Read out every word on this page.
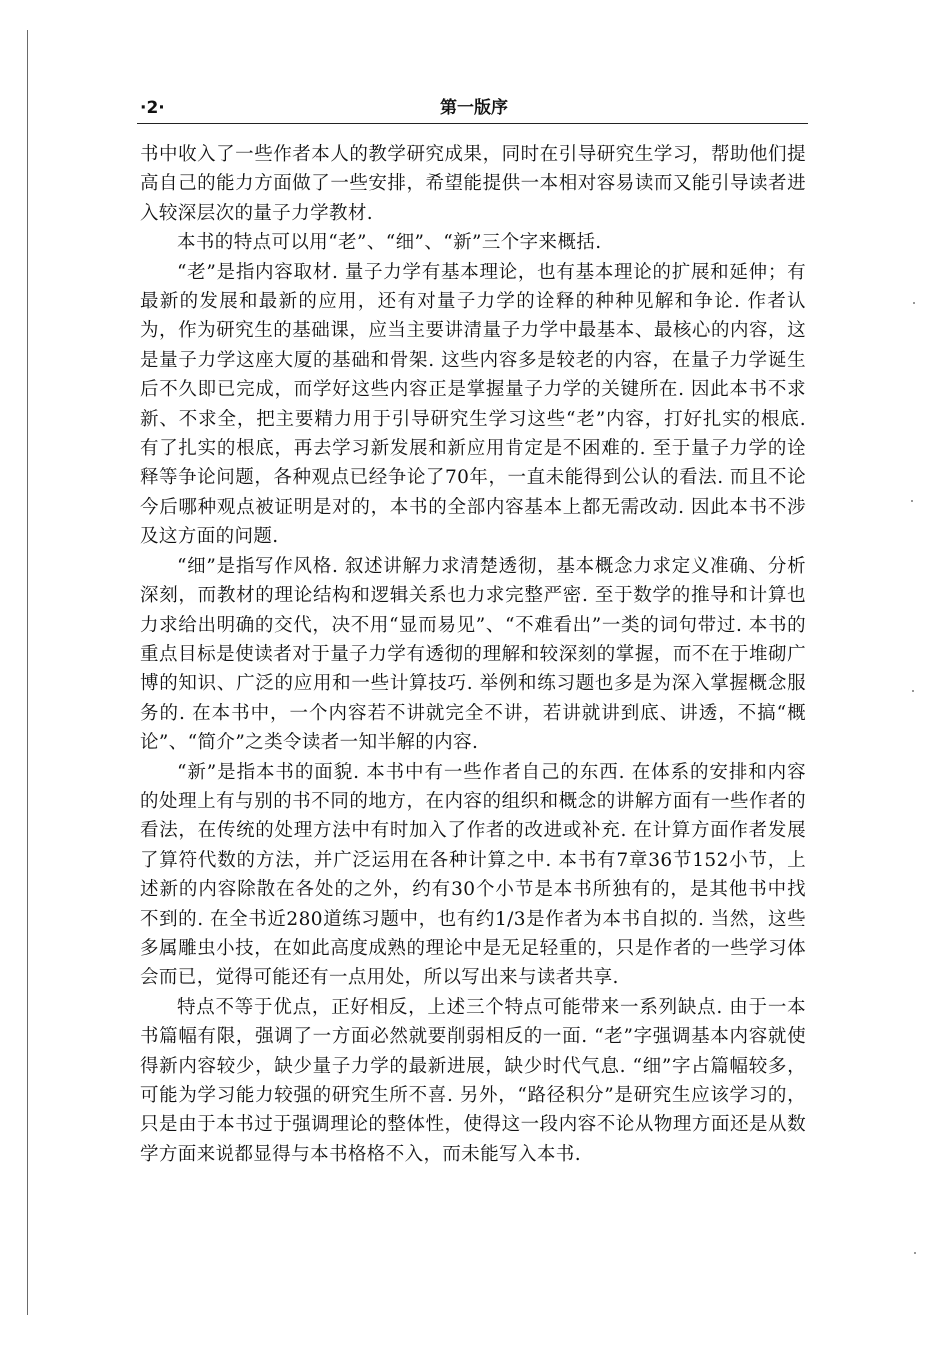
·2·	第一版序

书中收入了一些作者本人的教学研究成果，同时在引导研究生学习，帮助他们提高自己的能力方面做了一些安排，希望能提供一本相对容易读而又能引导读者进入较深层次的量子力学教材.

本书的特点可以用“老”、“细”、“新”三个字来概括.

“老”是指内容取材. 量子力学有基本理论，也有基本理论的扩展和延伸；有最新的发展和最新的应用，还有对量子力学的诠释的种种见解和争论. 作者认为，作为研究生的基础课，应当主要讲清量子力学中最基本、最核心的内容，这是量子力学这座大厦的基础和骨架. 这些内容多是较老的内容，在量子力学诞生后不久即已完成，而学好这些内容正是掌握量子力学的关键所在. 因此本书不求新、不求全，把主要精力用于引导研究生学习这些“老”内容，打好扎实的根底. 有了扎实的根底，再去学习新发展和新应用肯定是不困难的. 至于量子力学的诠释等争论问题，各种观点已经争论了70年，一直未能得到公认的看法. 而且不论今后哪种观点被证明是对的，本书的全部内容基本上都无需改动. 因此本书不涉及这方面的问题.

“细”是指写作风格. 叙述讲解力求清楚透彻，基本概念力求定义准确、分析深刻，而教材的理论结构和逻辑关系也力求完整严密. 至于数学的推导和计算也力求给出明确的交代，决不用“显而易见”、“不难看出”一类的词句带过. 本书的重点目标是使读者对于量子力学有透彻的理解和较深刻的掌握，而不在于堆砌广博的知识、广泛的应用和一些计算技巧. 举例和练习题也多是为深入掌握概念服务的. 在本书中，一个内容若不讲就完全不讲，若讲就讲到底、讲透，不搞“概论”、“简介”之类令读者一知半解的内容.

“新”是指本书的面貌. 本书中有一些作者自己的东西. 在体系的安排和内容的处理上有与别的书不同的地方，在内容的组织和概念的讲解方面有一些作者的看法，在传统的处理方法中有时加入了作者的改进或补充. 在计算方面作者发展了算符代数的方法，并广泛运用在各种计算之中. 本书有7章36节152小节，上述新的内容除散在各处的之外，约有30个小节是本书所独有的，是其他书中找不到的. 在全书近280道练习题中，也有约1/3是作者为本书自拟的. 当然，这些多属雕虫小技，在如此高度成熟的理论中是无足轻重的，只是作者的一些学习体会而已，觉得可能还有一点用处，所以写出来与读者共享.

特点不等于优点，正好相反，上述三个特点可能带来一系列缺点. 由于一本书篇幅有限，强调了一方面必然就要削弱相反的一面. “老”字强调基本内容就使得新内容较少，缺少量子力学的最新进展，缺少时代气息. “细”字占篇幅较多，可能为学习能力较强的研究生所不喜. 另外，“路径积分”是研究生应该学习的，只是由于本书过于强调理论的整体性，使得这一段内容不论从物理方面还是从数学方面来说都显得与本书格格不入，而未能写入本书.
